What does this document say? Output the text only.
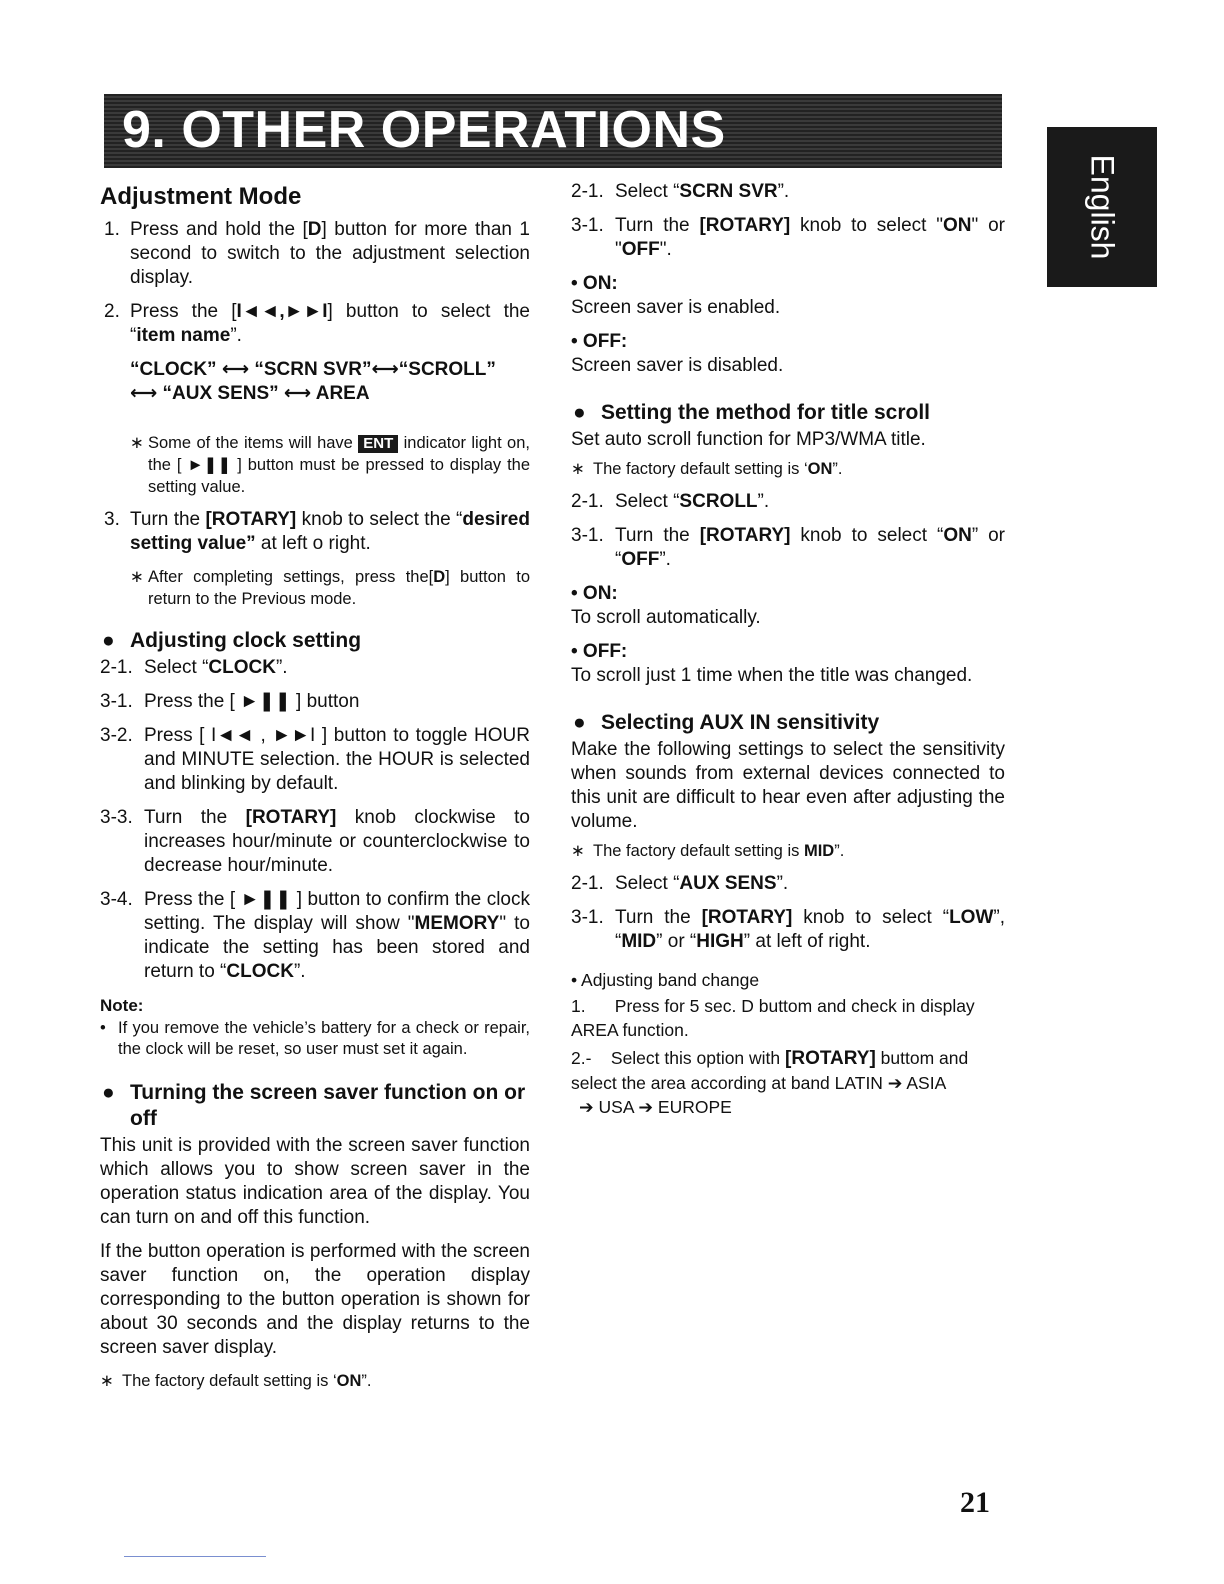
9. OTHER OPERATIONS
English

Adjustment Mode

1. Press and hold the [D] button for more than 1 second to switch to the adjustment selection display.
2. Press the [I◄◄,►►I] button to select the “item name”.
“CLOCK” ⟷ “SCRN SVR”⟷“SCROLL”
⟷ “AUX SENS” ⟷ AREA
∗ Some of the items will have ENT indicator light on, the [ ►❚❚ ] button must be pressed to display the setting value.
3. Turn the [ROTARY] knob to select the “desired setting value” at left o right.
∗ After completing settings, press the[D] button to return to the Previous mode.

● Adjusting clock setting

2-1. Select “CLOCK”.
3-1. Press the [ ►❚❚ ] button
3-2. Press [ I◄◄ , ►►I ] button to toggle HOUR and MINUTE selection. the HOUR is selected and blinking by default.
3-3. Turn the [ROTARY] knob clockwise to increases hour/minute or counterclockwise to decrease hour/minute.
3-4. Press the [ ►❚❚ ] button to confirm the clock setting. The display will show "MEMORY" to indicate the setting has been stored and return to “CLOCK”.

Note:

• If you remove the vehicle’s battery for a check or repair, the clock will be reset, so user must set it again.

● Turning the screen saver function on or off

This unit is provided with the screen saver function which allows you to show screen saver in the operation status indication area of the display. You can turn on and off this function.

If the button operation is performed with the screen saver function on, the operation display corresponding to the button operation is shown for about 30 seconds and the display returns to the screen saver display.

∗ The factory default setting is ‘ON”.
2-1. Select “SCRN SVR”.
3-1. Turn the [ROTARY] knob to select "ON" or "OFF".

• ON:

Screen saver is enabled.

• OFF:

Screen saver is disabled.

● Setting the method for title scroll

Set auto scroll function for MP3/WMA title.

∗ The factory default setting is ‘ON”.
2-1. Select “SCROLL”.
3-1. Turn the [ROTARY] knob to select “ON” or “OFF”.

• ON:

To scroll automatically.

• OFF:

To scroll just 1 time when the title was changed.

● Selecting AUX IN sensitivity

Make the following settings to select the sensitivity when sounds from external devices connected to this unit are difficult to hear even after adjusting the volume.

∗ The factory default setting is MID”.
2-1. Select “AUX SENS”.
3-1. Turn the [ROTARY] knob to select “LOW”, “MID” or “HIGH” at left of right.

• Adjusting band change

1. Press for 5 sec. D buttom and check in display AREA function.

2.- Select this option with [ROTARY] buttom and select the area according at band LATIN ➔ ASIA

➔ USA ➔ EUROPE

21
